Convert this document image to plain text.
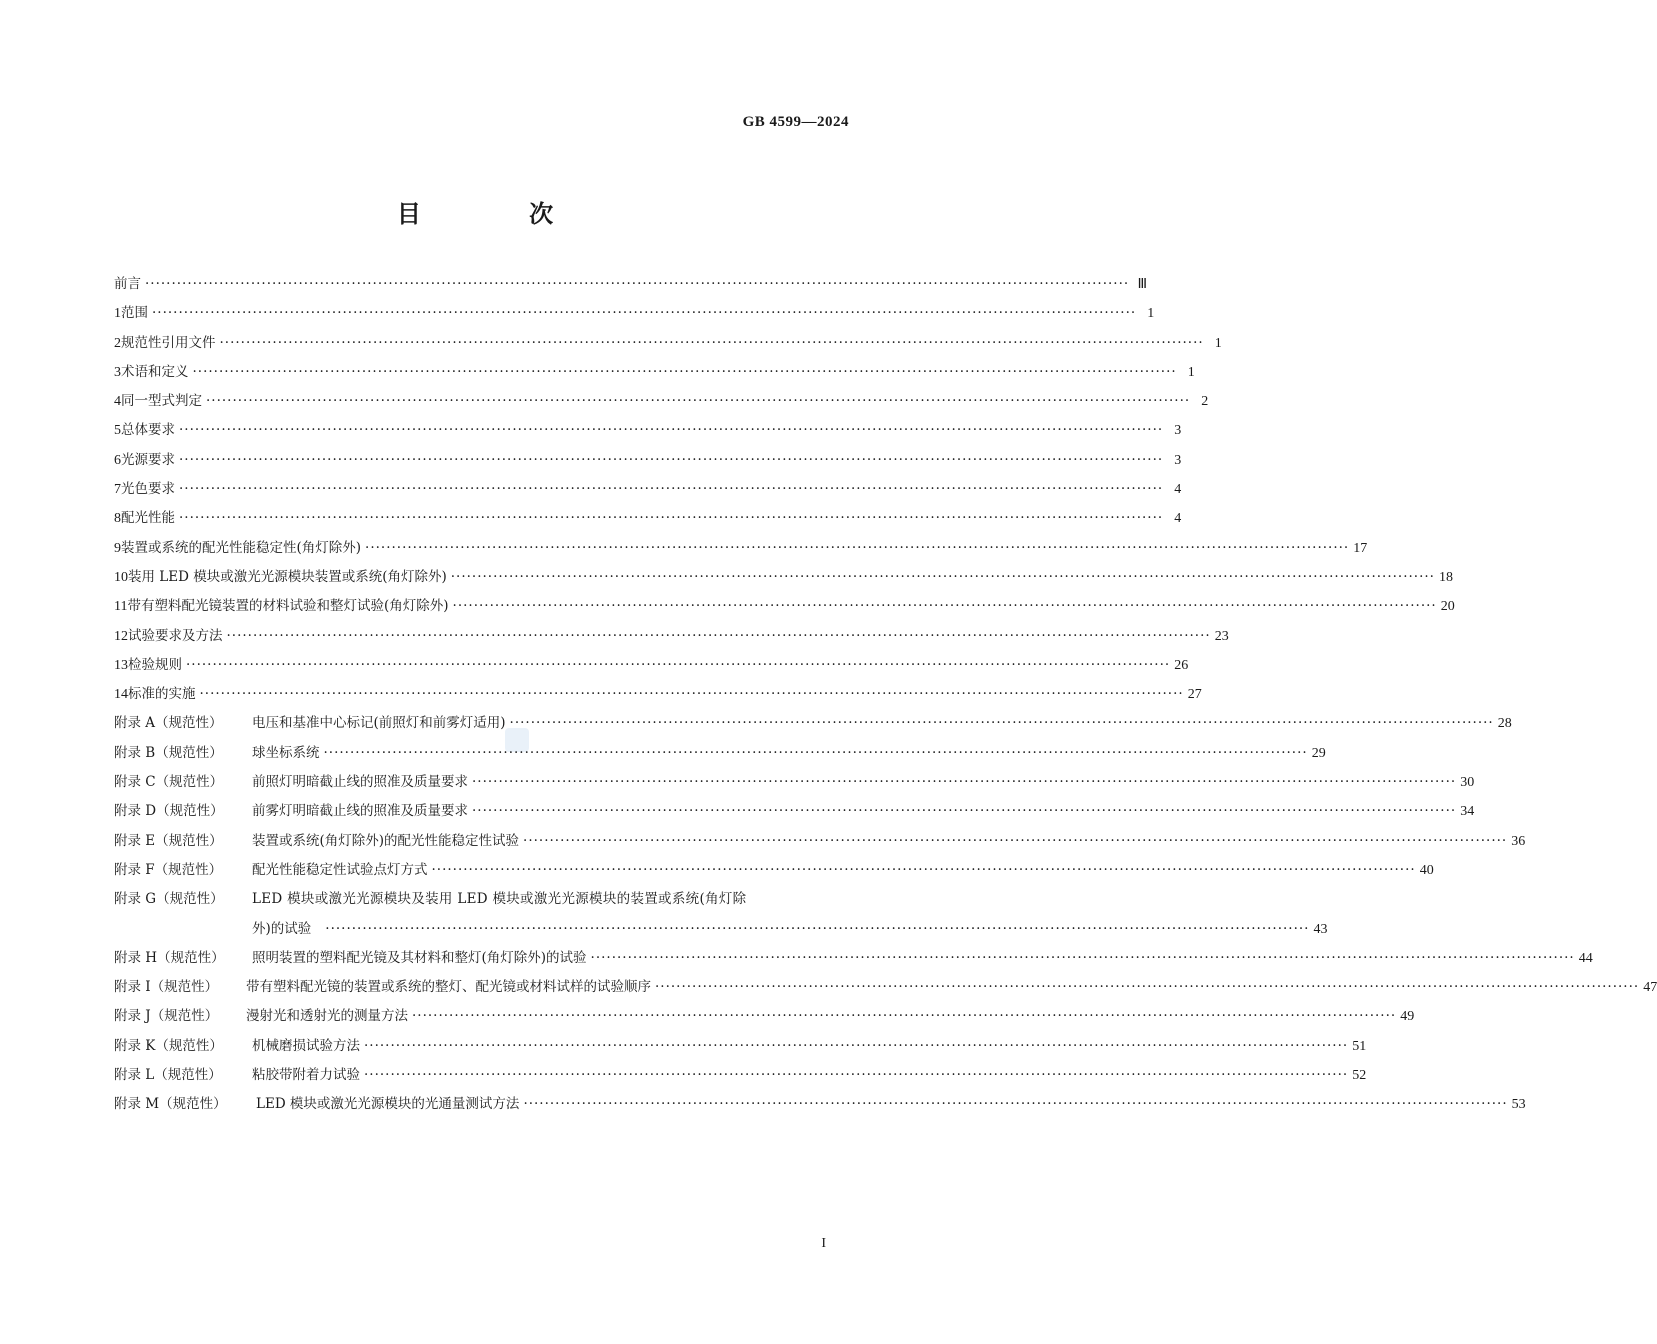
GB 4599—2024
目 次
前言 ·····	Ⅲ
1 范围 ·····	1
2 规范性引用文件 ·····	1
3 术语和定义 ·····	1
4 同一型式判定 ·····	2
5 总体要求 ·····	3
6 光源要求 ·····	3
7 光色要求 ·····	4
8 配光性能 ·····	4
9 装置或系统的配光性能稳定性(角灯除外) ·····	17
10 装用 LED 模块或激光光源模块装置或系统(角灯除外) ·····	18
11 带有塑料配光镜装置的材料试验和整灯试验(角灯除外) ·····	20
12 试验要求及方法 ·····	23
13 检验规则 ·····	26
14 标准的实施 ·····	27
附录 A（规范性）	电压和基准中心标记(前照灯和前雾灯适用) ·····	28
附录 B（规范性）	球坐标系统 ·····	29
附录 C（规范性）	前照灯明暗截止线的照准及质量要求 ·····	30
附录 D（规范性）	前雾灯明暗截止线的照准及质量要求 ·····	34
附录 E（规范性）	装置或系统(角灯除外)的配光性能稳定性试验 ·····	36
附录 F（规范性）	配光性能稳定性试验点灯方式 ·····	40
附录 G（规范性）	LED 模块或激光光源模块及装用 LED 模块或激光光源模块的装置或系统(角灯除
外)的试验 ·····	43
附录 H（规范性）	照明装置的塑料配光镜及其材料和整灯(角灯除外)的试验 ·····	44
附录 I（规范性）	带有塑料配光镜的装置或系统的整灯、配光镜或材料试样的试验顺序 ·····	47
附录 J（规范性）	漫射光和透射光的测量方法 ·····	49
附录 K（规范性）	机械磨损试验方法 ·····	51
附录 L（规范性）	粘胶带附着力试验 ·····	52
附录 M（规范性）	LED 模块或激光光源模块的光通量测试方法 ·····	53
I
